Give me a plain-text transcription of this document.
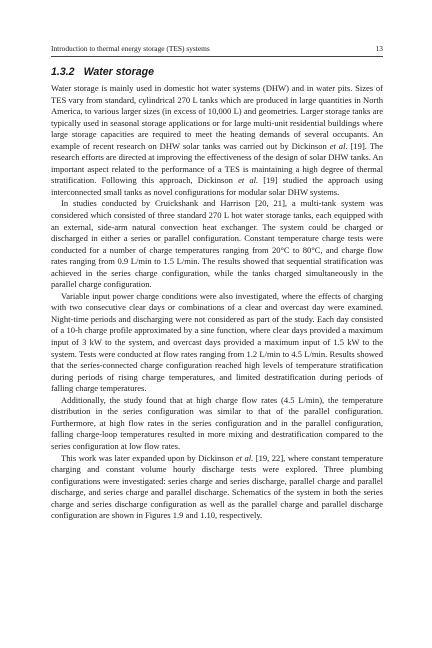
Introduction to thermal energy storage (TES) systems	13
1.3.2 Water storage

Water storage is mainly used in domestic hot water systems (DHW) and in water pits. Sizes of TES vary from standard, cylindrical 270 L tanks which are produced in large quantities in North America, to various larger sizes (in excess of 10,000 L) and geometries. Larger storage tanks are typically used in seasonal storage applications or for large multi-unit residential buildings where large storage capacities are required to meet the heating demands of several occupants. An example of recent research on DHW solar tanks was carried out by Dickinson et al. [19]. The research efforts are directed at improving the effectiveness of the design of solar DHW tanks. An important aspect related to the performance of a TES is maintaining a high degree of thermal stratification. Following this approach, Dickinson et al. [19] studied the approach using interconnected small tanks as novel configurations for modular solar DHW systems.

In studies conducted by Cruickshank and Harrison [20, 21], a multi-tank system was considered which consisted of three standard 270 L hot water storage tanks, each equipped with an external, side-arm natural convection heat exchanger. The system could be charged or discharged in either a series or parallel configuration. Constant temperature charge tests were conducted for a number of charge temperatures ranging from 20°C to 80°C, and charge flow rates ranging from 0.9 L/min to 1.5 L/min. The results showed that sequential stratification was achieved in the series charge configuration, while the tanks charged simultaneously in the parallel charge configuration.

Variable input power charge conditions were also investigated, where the effects of charging with two consecutive clear days or combinations of a clear and overcast day were examined. Night-time periods and discharging were not considered as part of the study. Each day consisted of a 10-h charge profile approximated by a sine function, where clear days provided a maximum input of 3 kW to the system, and overcast days provided a maximum input of 1.5 kW to the system. Tests were conducted at flow rates ranging from 1.2 L/min to 4.5 L/min. Results showed that the series-connected charge configuration reached high levels of temperature stratification during periods of rising charge temperatures, and limited destratification during periods of falling charge temperatures.

Additionally, the study found that at high charge flow rates (4.5 L/min), the temperature distribution in the series configuration was similar to that of the parallel configuration. Furthermore, at high flow rates in the series configuration and in the parallel configuration, falling charge-loop temperatures resulted in more mixing and destratification compared to the series configuration at low flow rates.

This work was later expanded upon by Dickinson et al. [19, 22], where constant temperature charging and constant volume hourly discharge tests were explored. Three plumbing configurations were investigated: series charge and series discharge, parallel charge and parallel discharge, and series charge and parallel discharge. Schematics of the system in both the series charge and series discharge configuration as well as the parallel charge and parallel discharge configuration are shown in Figures 1.9 and 1.10, respectively.
